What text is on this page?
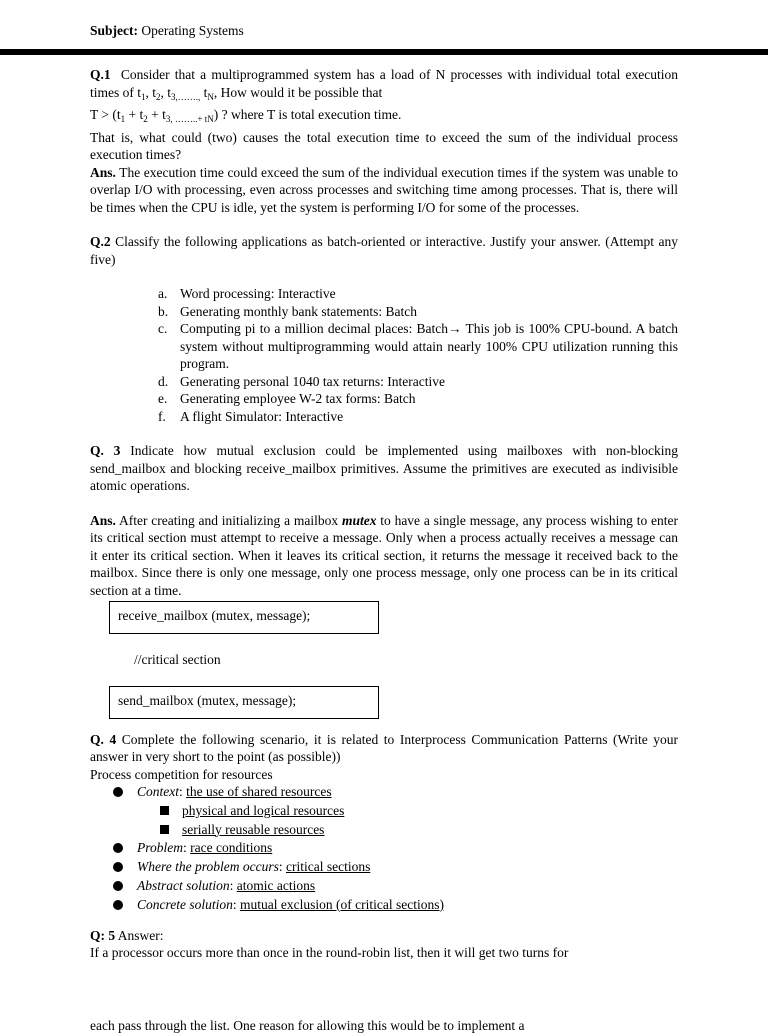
Subject: Operating Systems

Q.1 Consider that a multiprogrammed system has a load of N processes with individual total execution times of $t_1$, $t_2$, $t_{3,\dots\dots.,}$ $t_N$, How would it be possible that
$T > (t_1 + t_2 + t_{3,}$ $_{\dots\dots..+ tN}$) ? where T is total execution time.
That is, what could (two) causes the total execution time to exceed the sum of the individual process execution times?

Ans. The execution time could exceed the sum of the individual execution times if the system was unable to overlap I/O with processing, even across processes and switching time among processes. That is, there will be times when the CPU is idle, yet the system is performing I/O for some of the processes.

Q.2 Classify the following applications as batch-oriented or interactive. Justify your answer. (Attempt any five)

a. Word processing: Interactive
b. Generating monthly bank statements: Batch
c. Computing pi to a million decimal places: Batch→ This job is 100% CPU-bound. A batch system without multiprogramming would attain nearly 100% CPU utilization running this program.
d. Generating personal 1040 tax returns: Interactive
e. Generating employee W-2 tax forms: Batch
f.	A flight Simulator: Interactive

Q. 3 Indicate how mutual exclusion could be implemented using mailboxes with non-blocking send_mailbox and blocking receive_mailbox primitives. Assume the primitives are executed as indivisible atomic operations.

Ans. After creating and initializing a mailbox mutex to have a single message, any process wishing to enter its critical section must attempt to receive a message. Only when a process actually receives a message can it enter its critical section. When it leaves its critical section, it returns the message it received back to the mailbox. Since there is only one message, only one process message, only one process can be in its critical section at a time.

receive_mailbox (mutex, message);
//critical section
send_mailbox (mutex, message);

Q. 4 Complete the following scenario, it is related to Interprocess Communication Patterns (Write your answer in very short to the point (as possible))

Process competition for resources

Context: the use of shared resources
physical and logical resources
serially reusable resources
Problem: race conditions
Where the problem occurs: critical sections
Abstract solution: atomic actions
Concrete solution: mutual exclusion (of critical sections)

Q: 5 Answer:

If a processor occurs more than once in the round-robin list, then it will get two turns for

each pass through the list. One reason for allowing this would be to implement a
